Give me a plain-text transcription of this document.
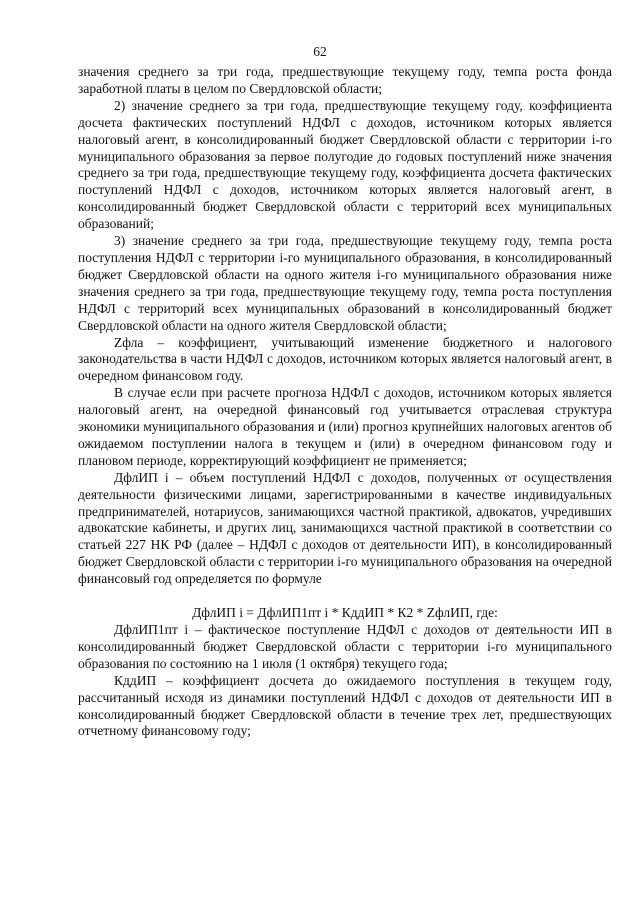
62

значения среднего за три года, предшествующие текущему году, темпа роста фонда заработной платы в целом по Свердловской области;

2) значение среднего за три года, предшествующие текущему году, коэффициента досчета фактических поступлений НДФЛ с доходов, источником которых является налоговый агент, в консолидированный бюджет Свердловской области с территории i-го муниципального образования за первое полугодие до годовых поступлений ниже значения среднего за три года, предшествующие текущему году, коэффициента досчета фактических поступлений НДФЛ с доходов, источником которых является налоговый агент, в консолидированный бюджет Свердловской области с территорий всех муниципальных образований;

3) значение среднего за три года, предшествующие текущему году, темпа роста поступления НДФЛ с территории i-го муниципального образования, в консолидированный бюджет Свердловской области на одного жителя i-го муниципального образования ниже значения среднего за три года, предшествующие текущему году, темпа роста поступления НДФЛ с территорий всех муниципальных образований в консолидированный бюджет Свердловской области на одного жителя Свердловской области;

Zфла – коэффициент, учитывающий изменение бюджетного и налогового законодательства в части НДФЛ с доходов, источником которых является налоговый агент, в очередном финансовом году.

В случае если при расчете прогноза НДФЛ с доходов, источником которых является налоговый агент, на очередной финансовый год учитывается отраслевая структура экономики муниципального образования и (или) прогноз крупнейших налоговых агентов об ожидаемом поступлении налога в текущем и (или) в очередном финансовом году и плановом периоде, корректирующий коэффициент не применяется;

ДфлИП i – объем поступлений НДФЛ с доходов, полученных от осуществления деятельности физическими лицами, зарегистрированными в качестве индивидуальных предпринимателей, нотариусов, занимающихся частной практикой, адвокатов, учредивших адвокатские кабинеты, и других лиц, занимающихся частной практикой в соответствии со статьей 227 НК РФ (далее – НДФЛ с доходов от деятельности ИП), в консолидированный бюджет Свердловской области с территории i-го муниципального образования на очередной финансовый год определяется по формуле

ДфлИП i = ДфлИП1пт i * КддИП * К2 * ZфлИП, где:

ДфлИП1пт i – фактическое поступление НДФЛ с доходов от деятельности ИП в консолидированный бюджет Свердловской области с территории i-го муниципального образования по состоянию на 1 июля (1 октября) текущего года;

КддИП – коэффициент досчета до ожидаемого поступления в текущем году, рассчитанный исходя из динамики поступлений НДФЛ с доходов от деятельности ИП в консолидированный бюджет Свердловской области в течение трех лет, предшествующих отчетному финансовому году;
